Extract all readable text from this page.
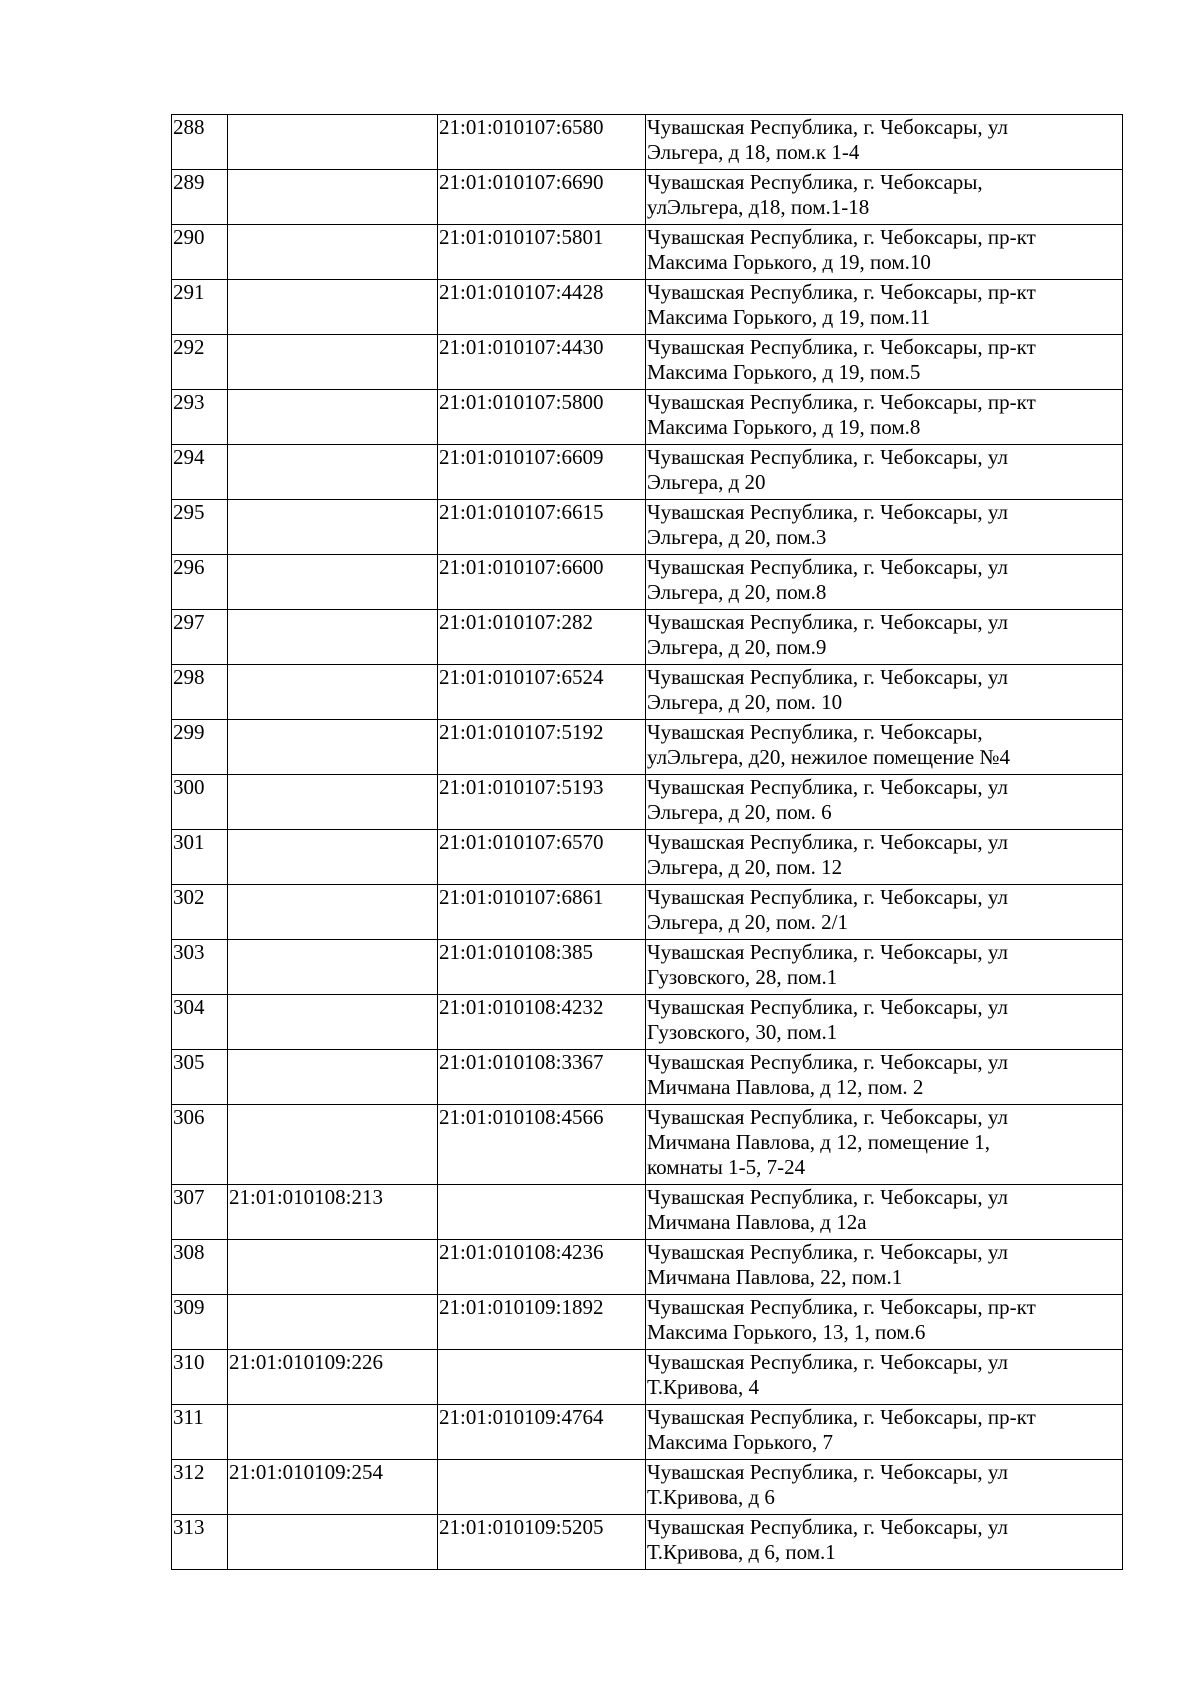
288		21:01:010107:6580	Чувашская Республика, г. Чебоксары, ул
Эльгера, д 18, пом.к 1-4

289		21:01:010107:6690	Чувашская Республика, г. Чебоксары,
улЭльгера, д18, пом.1-18

290		21:01:010107:5801	Чувашская Республика, г. Чебоксары, пр-кт
Максима Горького, д 19, пом.10

291		21:01:010107:4428	Чувашская Республика, г. Чебоксары, пр-кт
Максима Горького, д 19, пом.11

292		21:01:010107:4430	Чувашская Республика, г. Чебоксары, пр-кт
Максима Горького, д 19, пом.5

293		21:01:010107:5800	Чувашская Республика, г. Чебоксары, пр-кт
Максима Горького, д 19, пом.8

294		21:01:010107:6609	Чувашская Республика, г. Чебоксары, ул
Эльгера, д 20

295		21:01:010107:6615	Чувашская Республика, г. Чебоксары, ул
Эльгера, д 20, пом.3

296		21:01:010107:6600	Чувашская Республика, г. Чебоксары, ул
Эльгера, д 20, пом.8

297		21:01:010107:282	Чувашская Республика, г. Чебоксары, ул
Эльгера, д 20, пом.9

298		21:01:010107:6524	Чувашская Республика, г. Чебоксары, ул
Эльгера, д 20, пом. 10

299		21:01:010107:5192	Чувашская Республика, г. Чебоксары,
улЭльгера, д20, нежилое помещение №4

300		21:01:010107:5193	Чувашская Республика, г. Чебоксары, ул
Эльгера, д 20, пом. 6

301		21:01:010107:6570	Чувашская Республика, г. Чебоксары, ул
Эльгера, д 20, пом. 12

302		21:01:010107:6861	Чувашская Республика, г. Чебоксары, ул
Эльгера, д 20, пом. 2/1

303		21:01:010108:385	Чувашская Республика, г. Чебоксары, ул
Гузовского, 28, пом.1

304		21:01:010108:4232	Чувашская Республика, г. Чебоксары, ул
Гузовского, 30, пом.1

305		21:01:010108:3367	Чувашская Республика, г. Чебоксары, ул
Мичмана Павлова, д 12, пом. 2

306		21:01:010108:4566	Чувашская Республика, г. Чебоксары, ул
Мичмана Павлова, д 12, помещение 1,
комнаты 1-5, 7-24

307	21:01:010108:213		Чувашская Республика, г. Чебоксары, ул
Мичмана Павлова, д 12а

308		21:01:010108:4236	Чувашская Республика, г. Чебоксары, ул
Мичмана Павлова, 22, пом.1

309		21:01:010109:1892	Чувашская Республика, г. Чебоксары, пр-кт
Максима Горького, 13, 1, пом.6

310	21:01:010109:226		Чувашская Республика, г. Чебоксары, ул
Т.Кривова, 4

311		21:01:010109:4764	Чувашская Республика, г. Чебоксары, пр-кт
Максима Горького, 7

312	21:01:010109:254		Чувашская Республика, г. Чебоксары, ул
Т.Кривова, д 6

313		21:01:010109:5205	Чувашская Республика, г. Чебоксары, ул
Т.Кривова, д 6, пом.1
